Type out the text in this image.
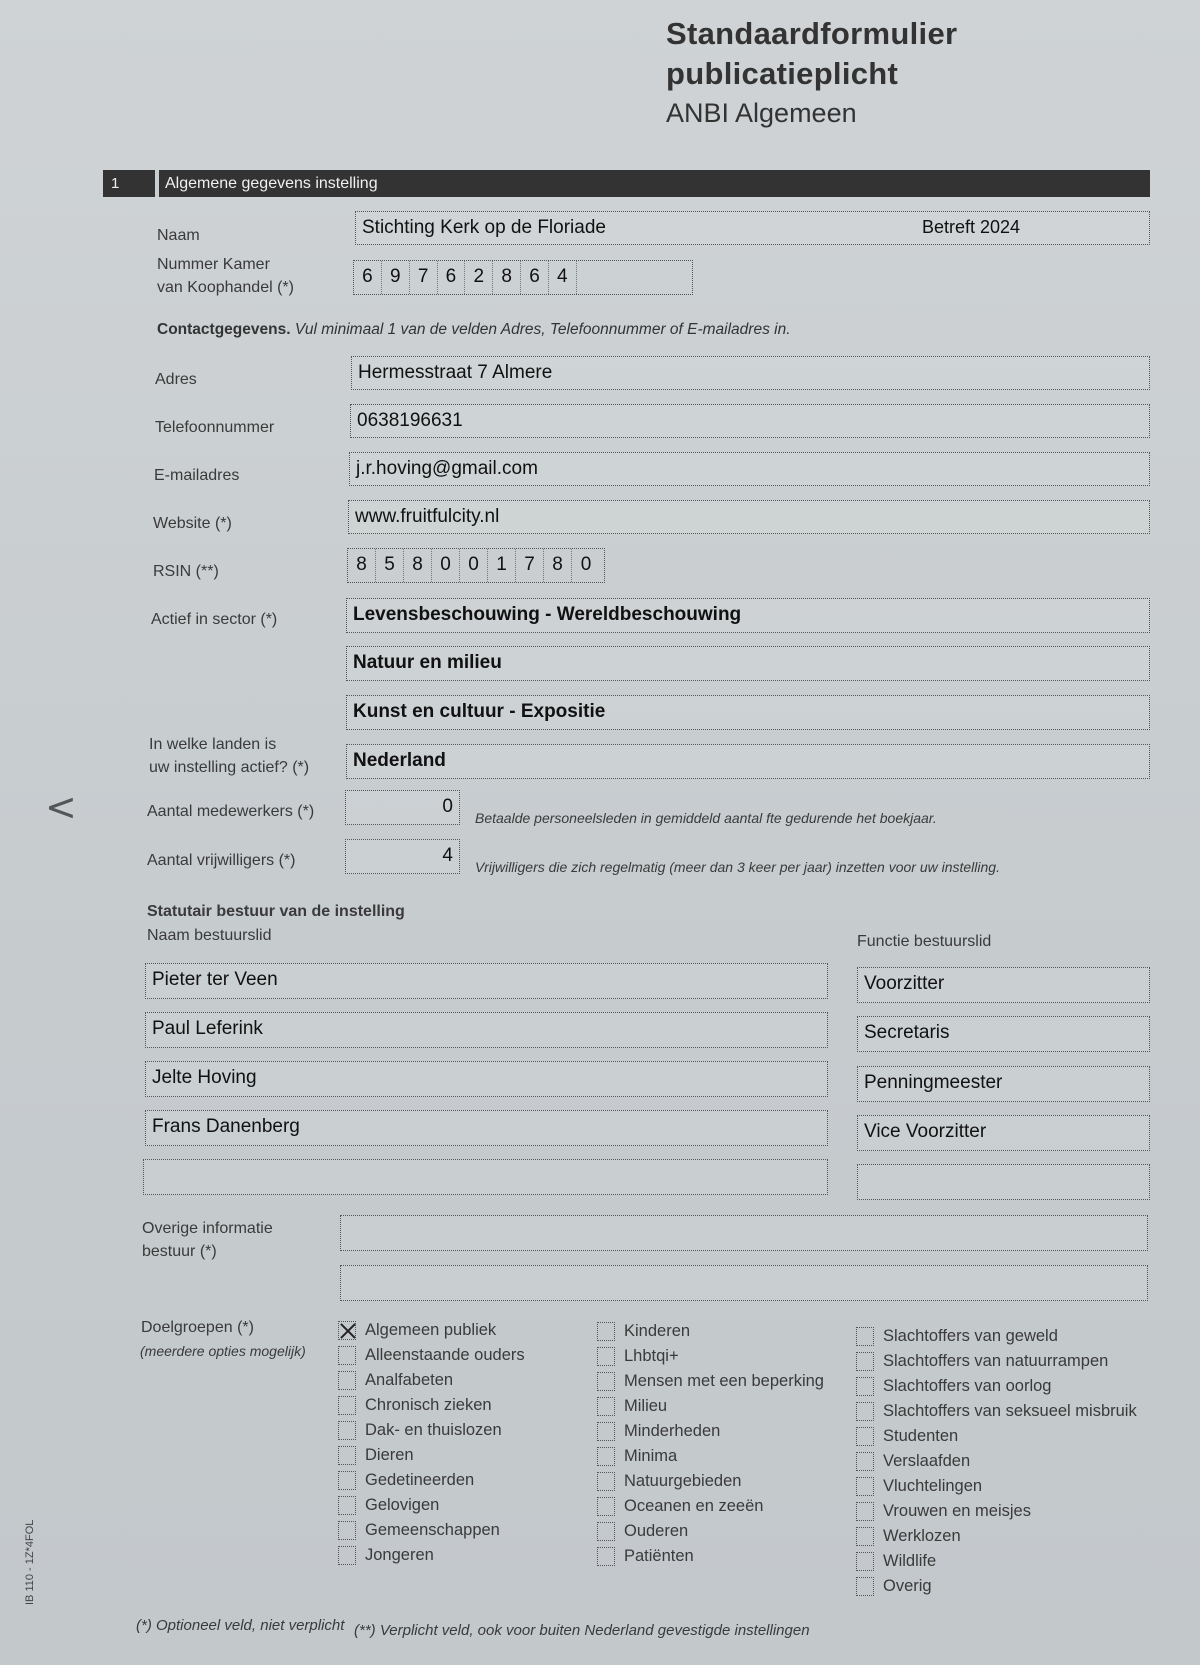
Standaardformulier
publicatieplicht
ANBI Algemeen
1	Algemene gegevens instelling
Naam	Stichting Kerk op de Floriade	Betreft 2024
Nummer Kamer
van Koophandel (*)
6 9 7 6 2 8 6 4
Contactgegevens. Vul minimaal 1 van de velden Adres, Telefoonnummer of E-mailadres in.
Adres	Hermesstraat 7 Almere
Telefoonnummer	0638196631
E-mailadres	j.r.hoving@gmail.com
Website (*)	www.fruitfulcity.nl
RSIN (**)	8 5 8 0 0 1 7 8 0
Actief in sector (*)	Levensbeschouwing - Wereldbeschouwing
Natuur en milieu
Kunst en cultuur - Expositie
In welke landen is
uw instelling actief? (*)	Nederland
Aantal medewerkers (*)	0
Betaalde personeelsleden in gemiddeld aantal fte gedurende het boekjaar.
Aantal vrijwilligers (*)	4
Vrijwilligers die zich regelmatig (meer dan 3 keer per jaar) inzetten voor uw instelling.
Statutair bestuur van de instelling
Naam bestuurslid	Functie bestuurslid
Pieter ter Veen	Voorzitter
Paul Leferink	Secretaris
Jelte Hoving	Penningmeester
Frans Danenberg	Vice Voorzitter
Overige informatie
bestuur (*)
Doelgroepen (*)
(meerdere opties mogelijk)
Algemeen publiek
Alleenstaande ouders
Analfabeten
Chronisch zieken
Dak- en thuislozen
Dieren
Gedetineerden
Gelovigen
Gemeenschappen
Jongeren
Kinderen
Lhbtqi+
Mensen met een beperking
Milieu
Minderheden
Minima
Natuurgebieden
Oceanen en zeeën
Ouderen
Patiënten
Slachtoffers van geweld
Slachtoffers van natuurrampen
Slachtoffers van oorlog
Slachtoffers van seksueel misbruik
Studenten
Verslaafden
Vluchtelingen
Vrouwen en meisjes
Werklozen
Wildlife
Overig
(*) Optioneel veld, niet verplicht (**) Verplicht veld, ook voor buiten Nederland gevestigde instellingen
<
IB 110 - 1Z*4FOL
